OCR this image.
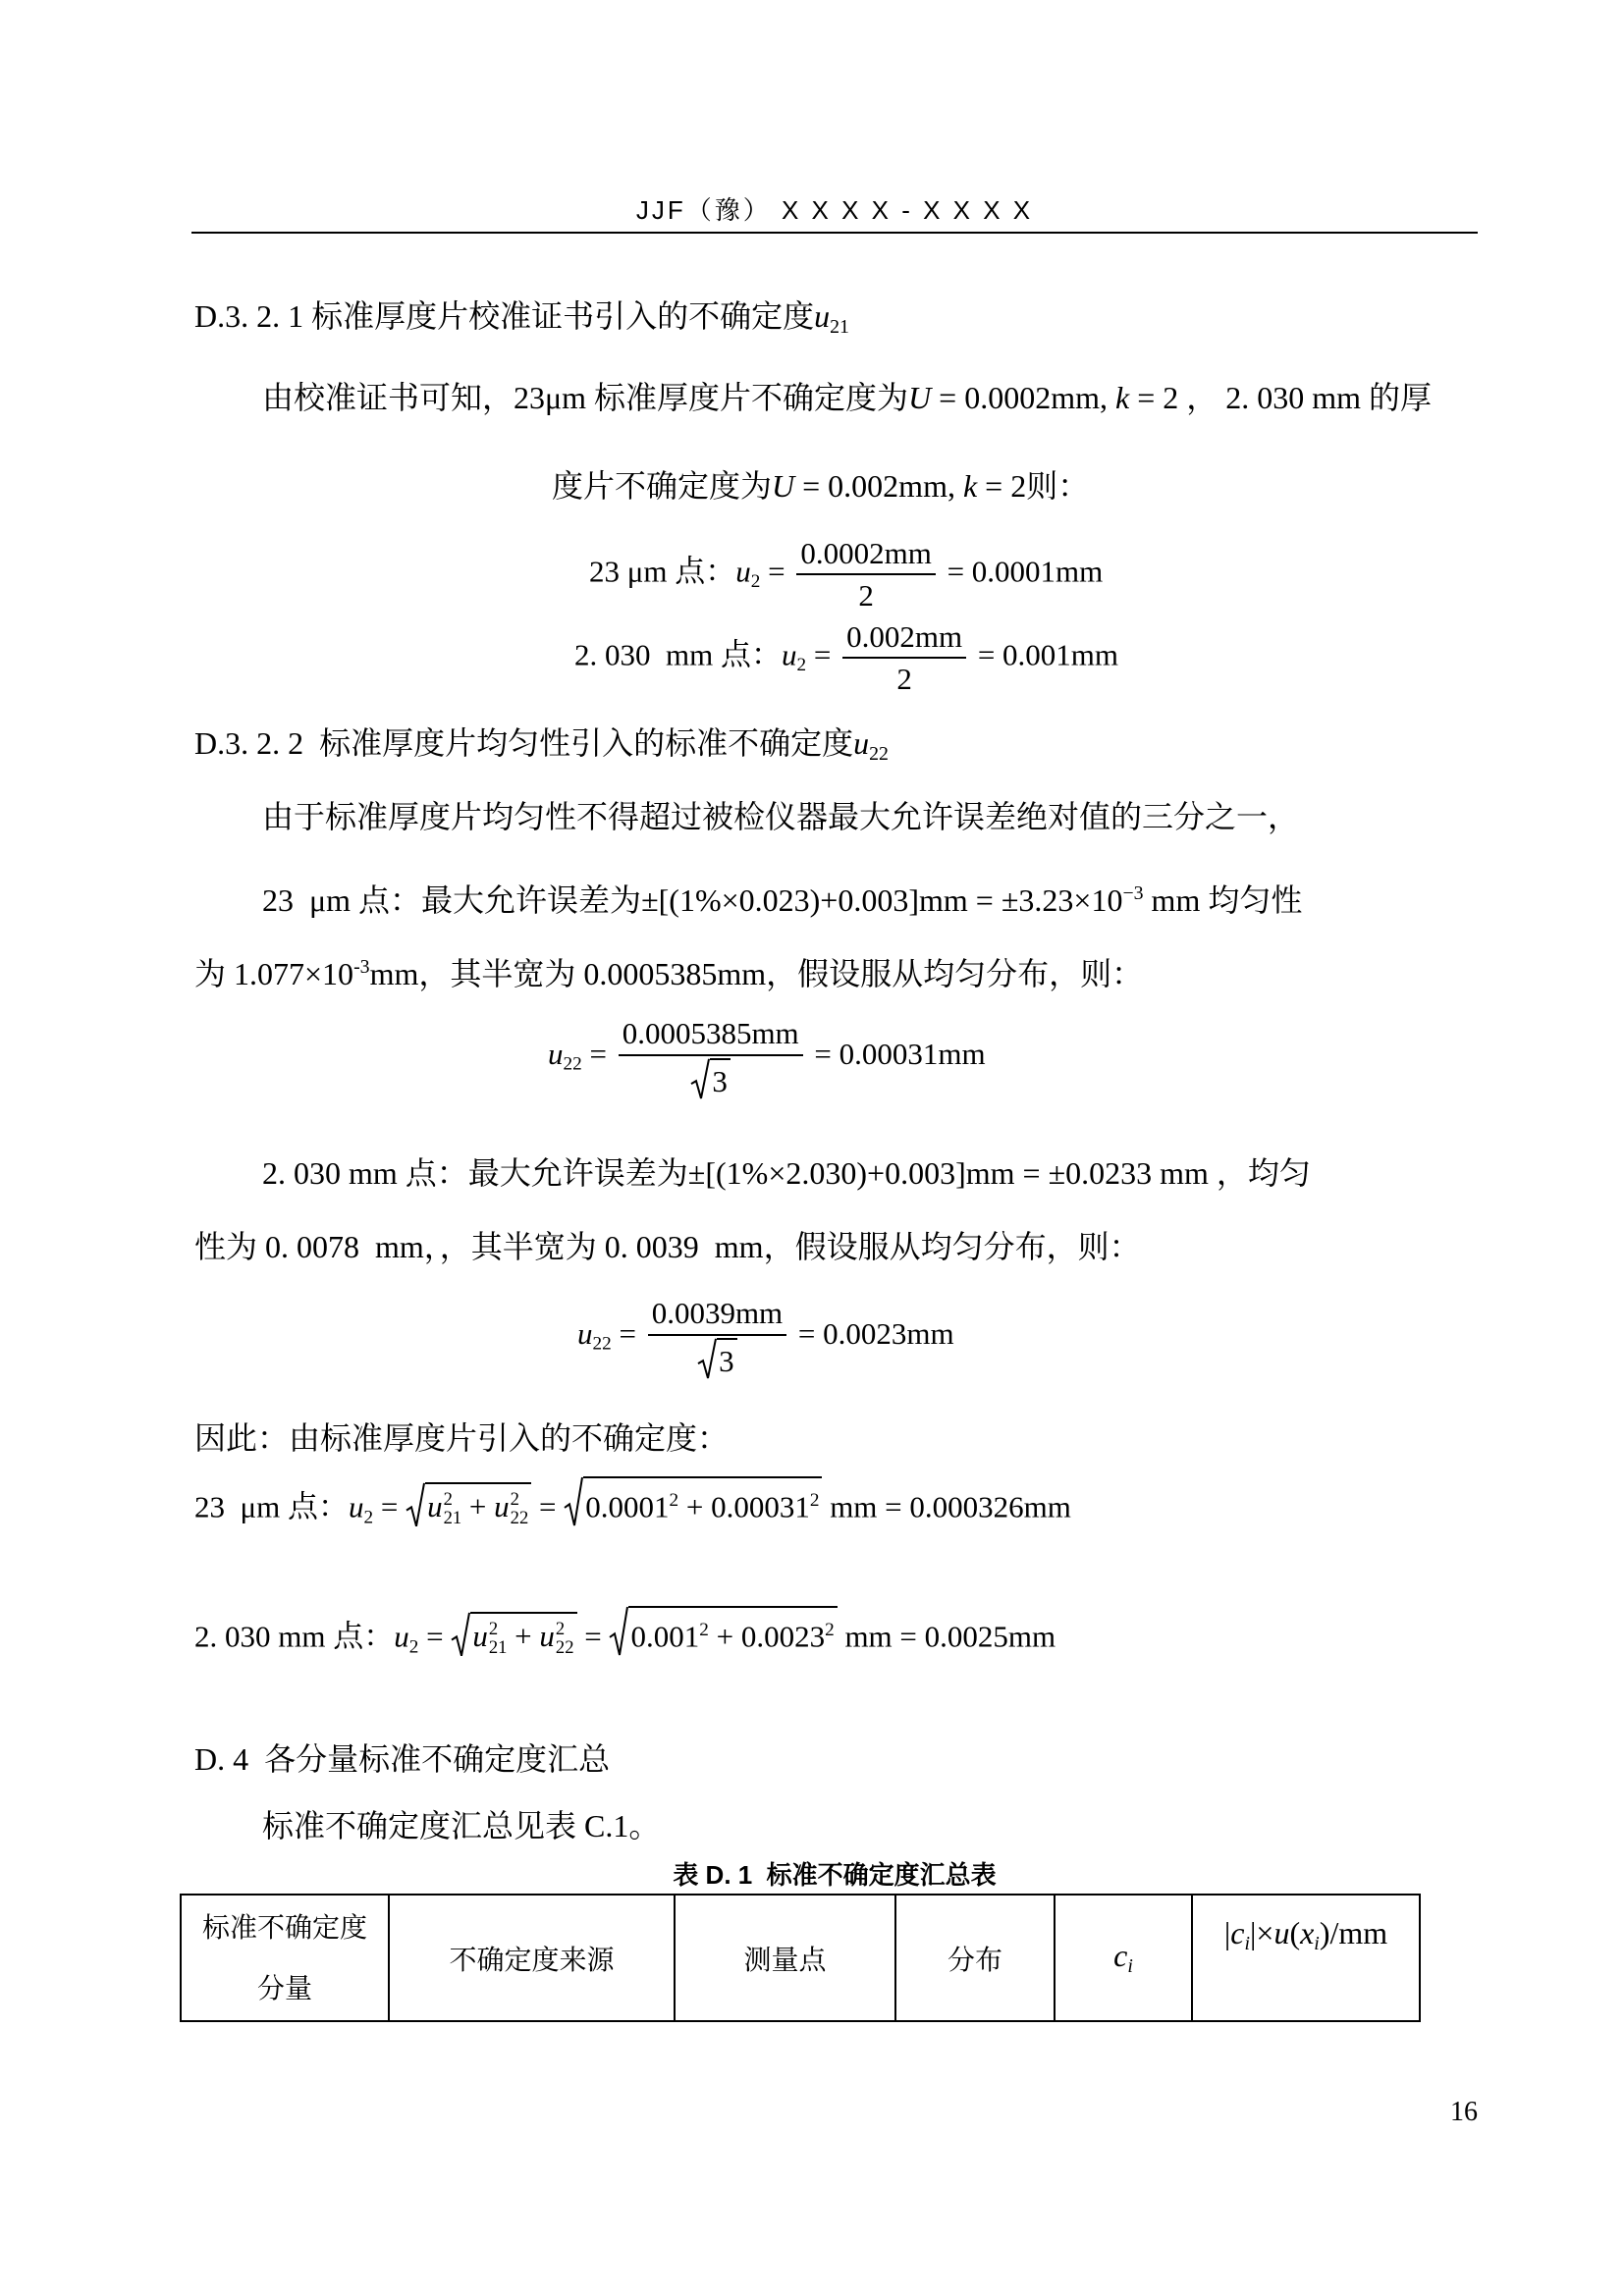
JJF（豫） X X X X - X X X X
D.3. 2. 1 标准厚度片校准证书引入的不确定度u21
由校准证书可知，23μm 标准厚度片不确定度为U = 0.0002mm, k = 2 ， 2. 030 mm 的厚
度片不确定度为U = 0.002mm, k = 2则：
23 μm 点：$u2 = \frac{0.0002mm}{2} = 0.0001mm$
2. 030  mm 点：$u2 = \frac{0.002mm}{2} = 0.001mm$
D.3. 2. 2  标准厚度片均匀性引入的标准不确定度u22
由于标准厚度片均匀性不得超过被检仪器最大允许误差绝对值的三分之一，
23  μm 点：最大允许误差为$\pm[(1\%\times 0.023)+0.003]mm = \pm 3.23\times 10^{-3}$ mm 均匀性
为 $1.077\times 10^{-3}mm$，其半宽为 0.0005385mm，假设服从均匀分布，则：
$u22 = \frac{0.0005385mm}{3} = 0.00031mm$
2. 030 mm 点：最大允许误差为±[(1%×2.030)+0.003]mm = ±0.0233 mm ，均匀
性为 0. 0078  mm，，其半宽为 0. 0039  mm，假设服从均匀分布，则：
$u22 = \frac{0.0039mm}{3} = 0.0023mm$
因此：由标准厚度片引入的不确定度：
23  μm 点：u2 =
u 2
21 + u 2
22 =
$0.0001^2 + 0.00031^2$ mm = 0.000326mm
2. 030 mm 点：u2 =
u 2
21 + u 2
22 =
$0.001^2 + 0.0023^2$ mm = 0.0025mm
D. 4  各分量标准不确定度汇总
标准不确定度汇总见表 C.1。
表 D. 1  标准不确定度汇总表
标准不确定度
分量
	不确定度来源	测量点	分布	ci	|ci|×u(xi)/mm
16
